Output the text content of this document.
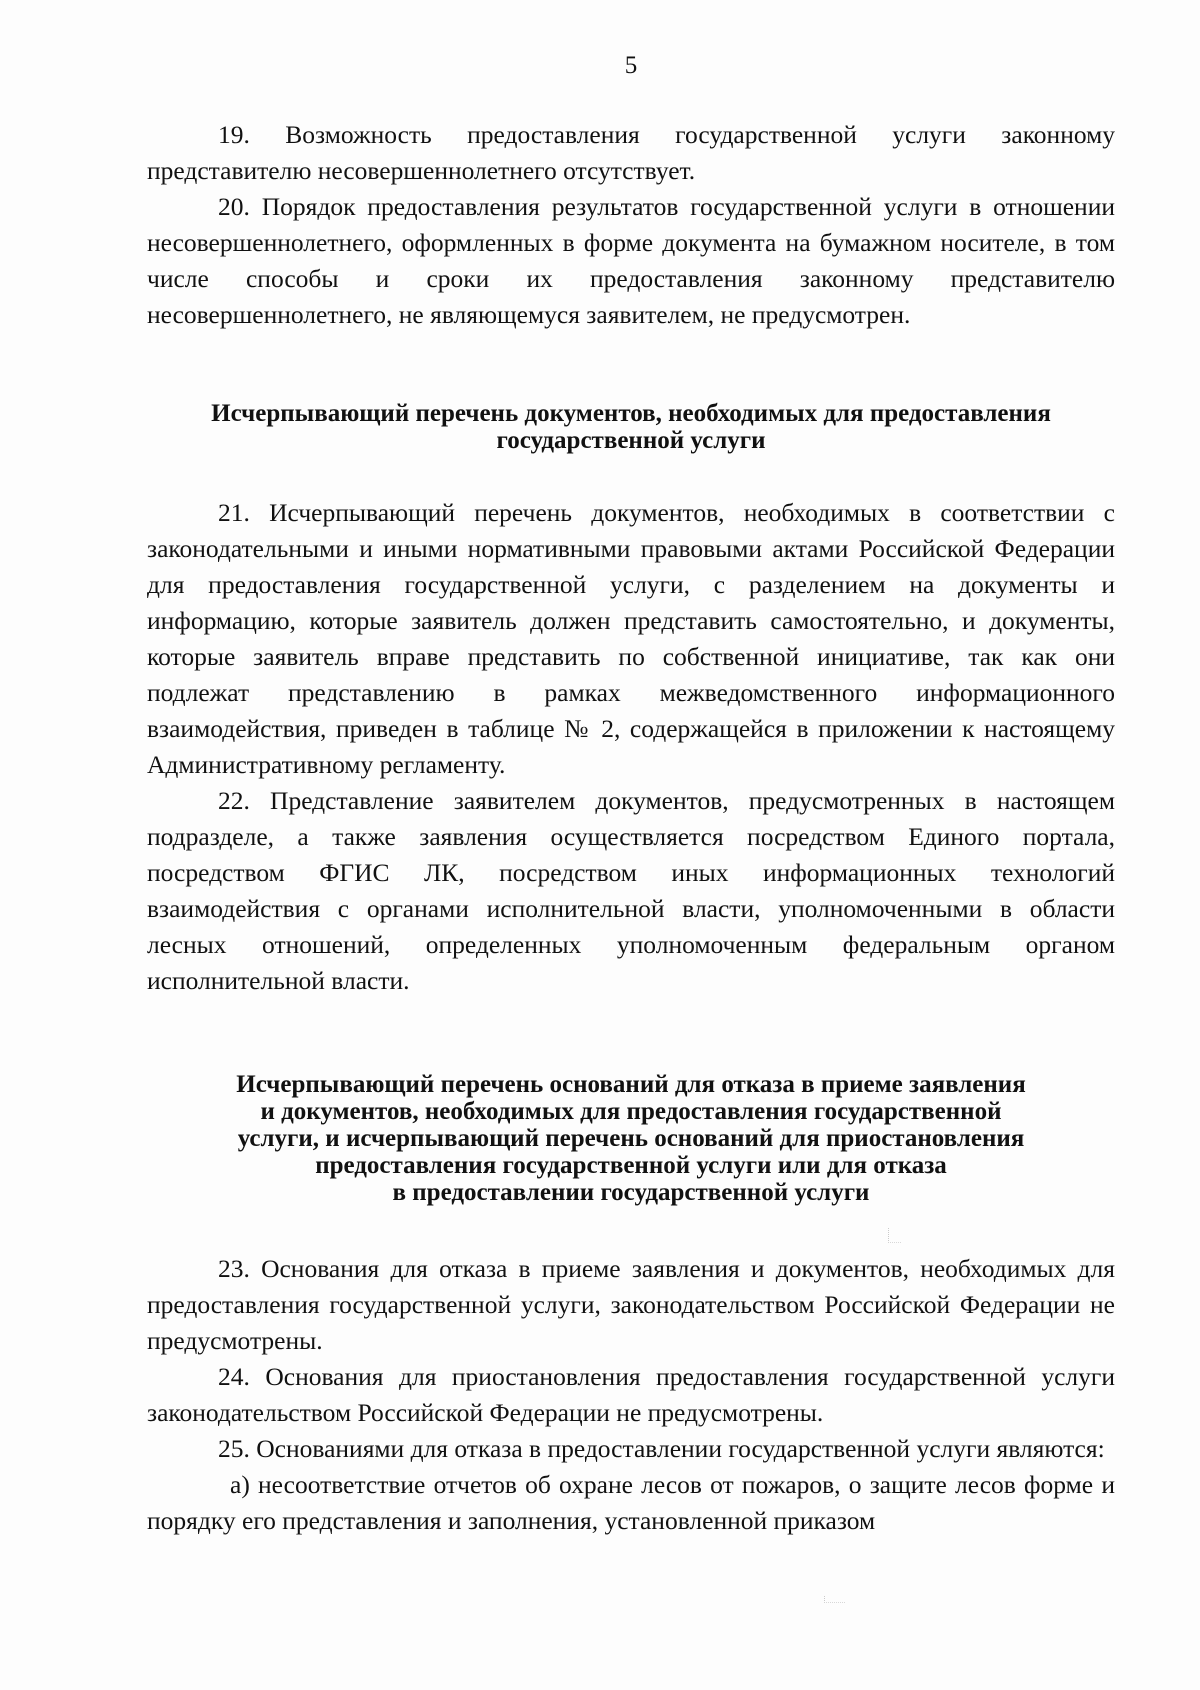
5

19. Возможность предоставления государственной услуги законному представителю несовершеннолетнего отсутствует.

20. Порядок предоставления результатов государственной услуги в отношении несовершеннолетнего, оформленных в форме документа на бумажном носителе, в том числе способы и сроки их предоставления законному представителю несовершеннолетнего, не являющемуся заявителем, не предусмотрен.

Исчерпывающий перечень документов, необходимых для предоставления государственной услуги

21. Исчерпывающий перечень документов, необходимых в соответствии с законодательными и иными нормативными правовыми актами Российской Федерации для предоставления государственной услуги, с разделением на документы и информацию, которые заявитель должен представить самостоятельно, и документы, которые заявитель вправе представить по собственной инициативе, так как они подлежат представлению в рамках межведомственного информационного взаимодействия, приведен в таблице № 2, содержащейся в приложении к настоящему Административному регламенту.

22. Представление заявителем документов, предусмотренных в настоящем подразделе, а также заявления осуществляется посредством Единого портала, посредством ФГИС ЛК, посредством иных информационных технологий взаимодействия с органами исполнительной власти, уполномоченными в области лесных отношений, определенных уполномоченным федеральным органом исполнительной власти.

Исчерпывающий перечень оснований для отказа в приеме заявления
и документов, необходимых для предоставления государственной
услуги, и исчерпывающий перечень оснований для приостановления
предоставления государственной услуги или для отказа
в предоставлении государственной услуги

23. Основания для отказа в приеме заявления и документов, необходимых для предоставления государственной услуги, законодательством Российской Федерации не предусмотрены.

24. Основания для приостановления предоставления государственной услуги законодательством Российской Федерации не предусмотрены.

25. Основаниями для отказа в предоставлении государственной услуги являются:

а) несоответствие отчетов об охране лесов от пожаров, о защите лесов форме и порядку его представления и заполнения, установленной приказом
